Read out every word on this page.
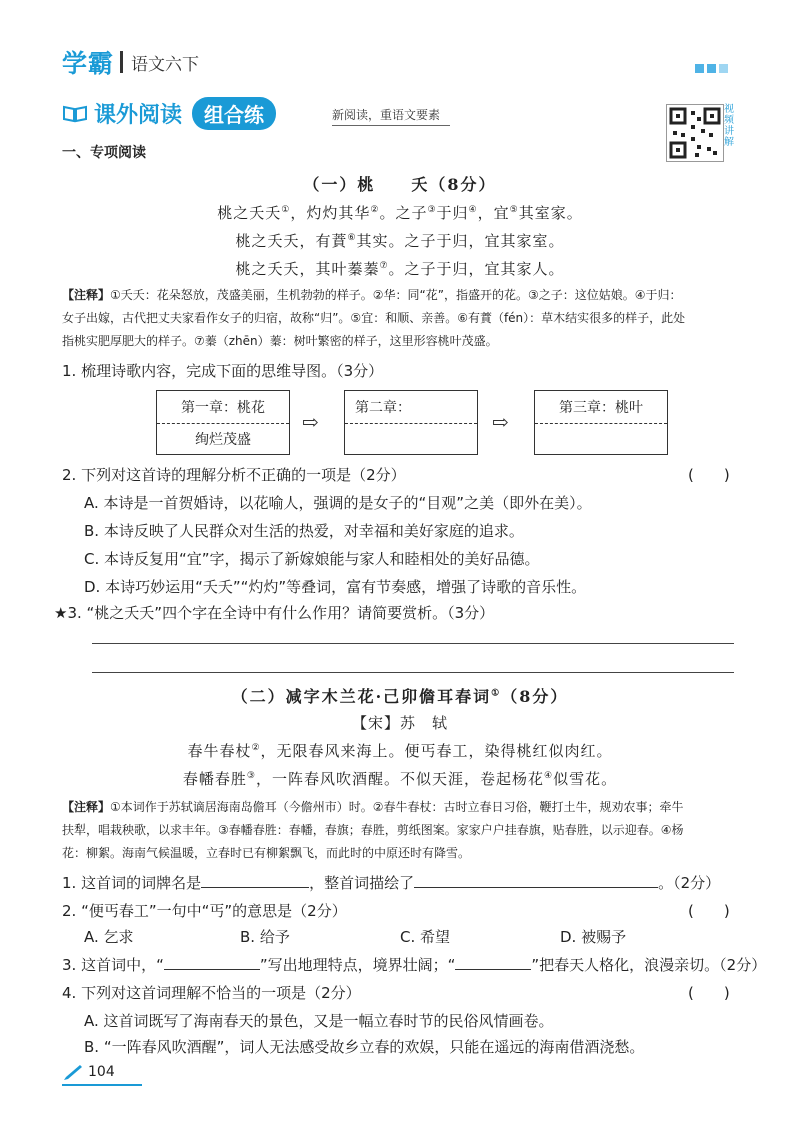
学霸 语文六下
课外阅读	组合练	新阅读，重语文要素	视频讲解
一、专项阅读
（一）桃　　夭（8分）
桃之夭夭①，灼灼其华②。之子③于归④，宜⑤其室家。
桃之夭夭，有蕡⑥其实。之子于归，宜其家室。
桃之夭夭，其叶蓁蓁⑦。之子于归，宜其家人。
【注释】①夭夭：花朵怒放，茂盛美丽，生机勃勃的样子。②华：同“花”，指盛开的花。③之子：这位姑娘。④于归：
女子出嫁，古代把丈夫家看作女子的归宿，故称“归”。⑤宜：和顺、亲善。⑥有蕡（fén）：草木结实很多的样子，此处
指桃实肥厚肥大的样子。⑦蓁（zhēn）蓁：树叶繁密的样子，这里形容桃叶茂盛。
1. 梳理诗歌内容，完成下面的思维导图。（3分）
第一章：桃花
绚烂茂盛
⇨
第二章：
⇨
第三章：桃叶
2. 下列对这首诗的理解分析不正确的一项是（2分）	(　　)
A. 本诗是一首贺婚诗，以花喻人，强调的是女子的“目观”之美（即外在美）。
B. 本诗反映了人民群众对生活的热爱，对幸福和美好家庭的追求。
C. 本诗反复用“宜”字，揭示了新嫁娘能与家人和睦相处的美好品德。
D. 本诗巧妙运用“夭夭”“灼灼”等叠词，富有节奏感，增强了诗歌的音乐性。
★3. “桃之夭夭”四个字在全诗中有什么作用？请简要赏析。（3分）
（二）减字木兰花·己卯儋耳春词①（8分）
【宋】苏　轼
春牛春杖②，无限春风来海上。便丐春工，染得桃红似肉红。
春幡春胜③，一阵春风吹酒醒。不似天涯，卷起杨花④似雪花。
【注释】①本词作于苏轼谪居海南岛儋耳（今儋州市）时。②春牛春杖：古时立春日习俗，鞭打土牛，规劝农事；牵牛
扶犁，唱栽秧歌，以求丰年。③春幡春胜：春幡，春旗；春胜，剪纸图案。家家户户挂春旗，贴春胜，以示迎春。④杨
花：柳絮。海南气候温暖，立春时已有柳絮飘飞，而此时的中原还时有降雪。
1. 这首词的词牌名是	，整首词描绘了	。（2分）
2. “便丐春工”一句中“丐”的意思是（2分）	(　　)
A. 乞求	B. 给予	C. 希望	D. 被赐予
3. 这首词中，“	”写出地理特点，境界壮阔；“	”把春天人格化，浪漫亲切。（2分）
4. 下列对这首词理解不恰当的一项是（2分）	(　　)
A. 这首词既写了海南春天的景色，又是一幅立春时节的民俗风情画卷。
B. “一阵春风吹酒醒”，词人无法感受故乡立春的欢娱，只能在遥远的海南借酒浇愁。
104
